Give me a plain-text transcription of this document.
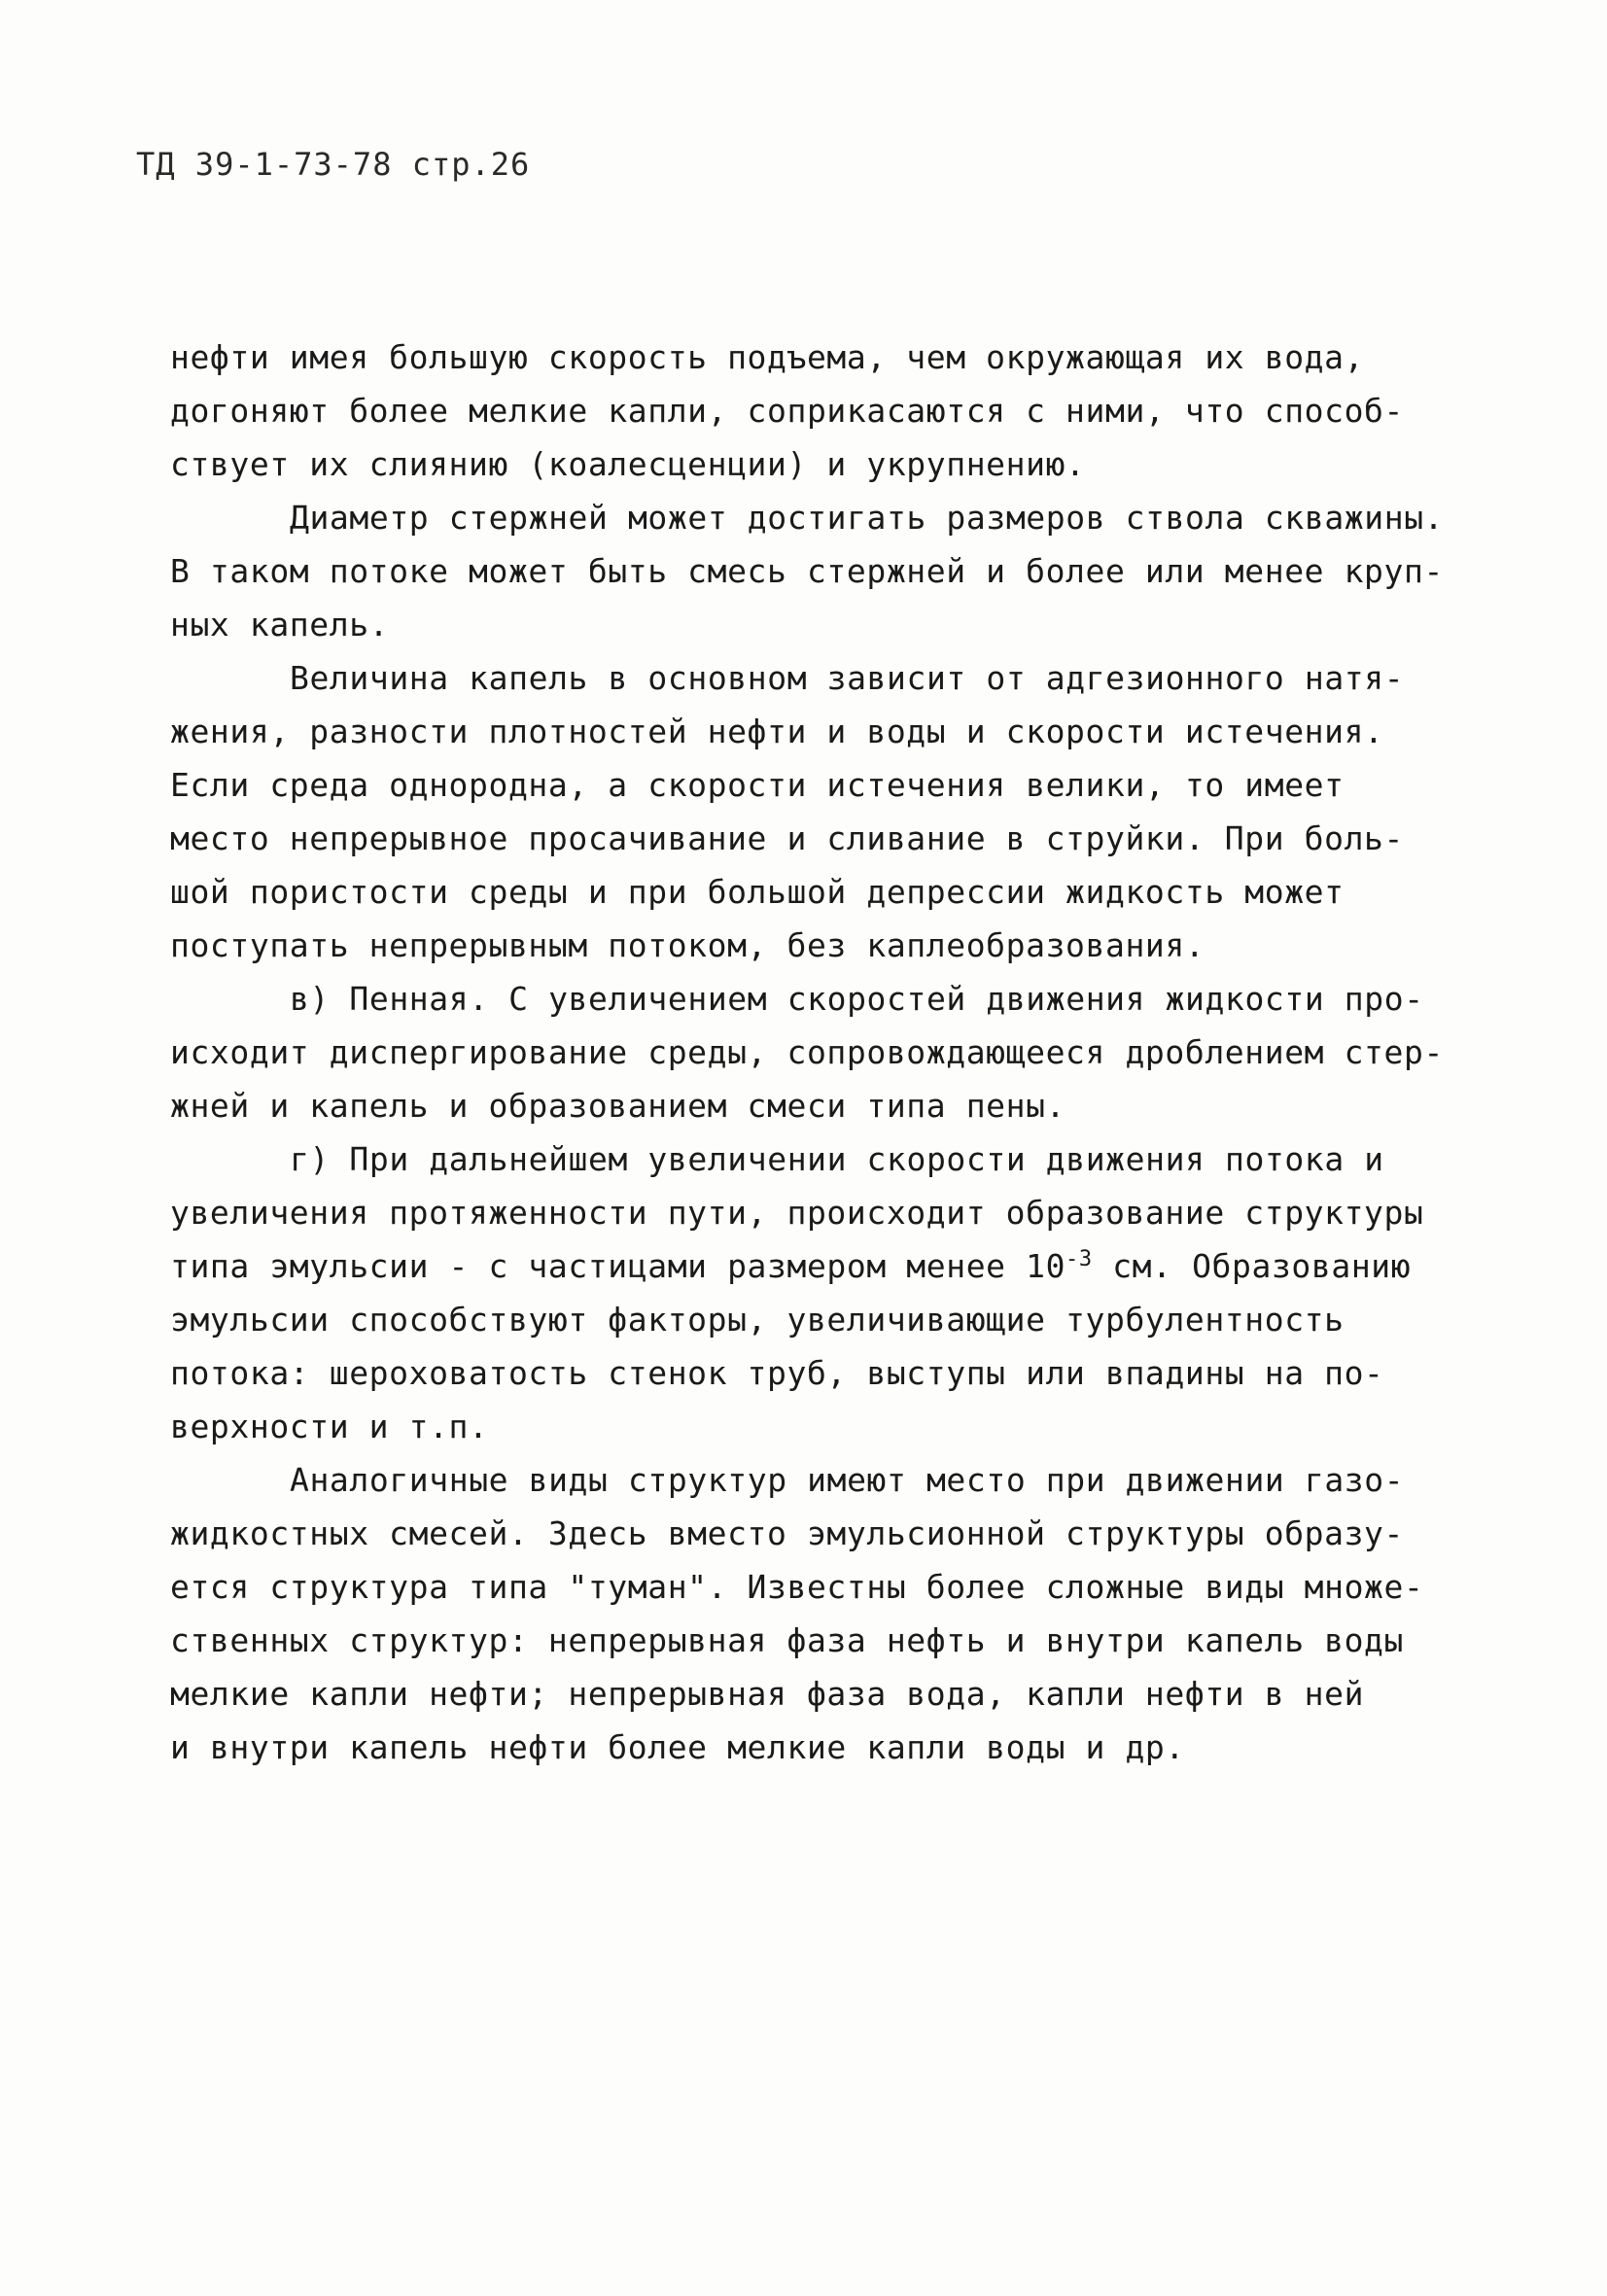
ТД 39-1-73-78 стр.26
нефти имея большую скорость подъема, чем окружающая их вода,
догоняют более мелкие капли, соприкасаются с ними, что способ-
ствует их слиянию (коалесценции) и укрупнению.
Диаметр стержней может достигать размеров ствола скважины.
В таком потоке может быть смесь стержней и более или менее круп-
ных капель.
Величина капель в основном зависит от адгезионного натя-
жения, разности плотностей нефти и воды и скорости истечения.
Если среда однородна, а скорости истечения велики, то имеет
место непрерывное просачивание и сливание в струйки. При боль-
шой пористости среды и при большой депрессии жидкость может
поступать непрерывным потоком, без каплеобразования.
в) Пенная. С увеличением скоростей движения жидкости про-
исходит диспергирование среды, сопровождающееся дроблением стер-
жней и капель и образованием смеси типа пены.
г) При дальнейшем увеличении скорости движения потока и
увеличения протяженности пути, происходит образование структуры
типа эмульсии - с частицами размером менее $10^{-3}$ см. Образованию
эмульсии способствуют факторы, увеличивающие турбулентность
потока: шероховатость стенок труб, выступы или впадины на по-
верхности и т.п.
Аналогичные виды структур имеют место при движении газо-
жидкостных смесей. Здесь вместо эмульсионной структуры образу-
ется структура типа "туман". Известны более сложные виды множе-
ственных структур: непрерывная фаза нефть и внутри капель воды
мелкие капли нефти; непрерывная фаза вода, капли нефти в ней
и внутри капель нефти более мелкие капли воды и др.
